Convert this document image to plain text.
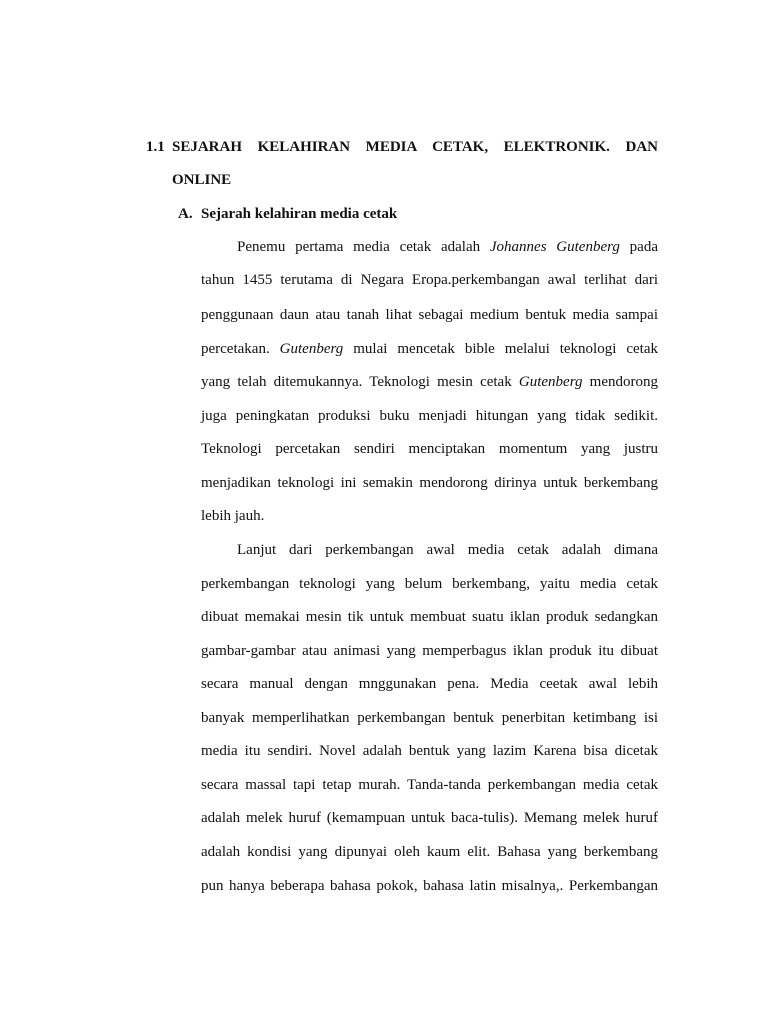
1.1 SEJARAH KELAHIRAN MEDIA CETAK, ELEKTRONIK. DAN
ONLINE
A. Sejarah kelahiran media cetak
Penemu pertama media cetak adalah Johannes Gutenberg pada
tahun 1455 terutama di Negara Eropa.perkembangan awal terlihat dari
penggunaan daun atau tanah lihat sebagai medium bentuk media sampai
percetakan. Gutenberg mulai mencetak bible melalui teknologi cetak
yang telah ditemukannya. Teknologi mesin cetak Gutenberg mendorong
juga peningkatan produksi buku menjadi hitungan yang tidak sedikit.
Teknologi percetakan sendiri menciptakan momentum yang justru
menjadikan teknologi ini semakin mendorong dirinya untuk berkembang
lebih jauh.
Lanjut dari perkembangan awal media cetak adalah dimana
perkembangan teknologi yang belum berkembang, yaitu media cetak
dibuat memakai mesin tik untuk membuat suatu iklan produk sedangkan
gambar-gambar atau animasi yang memperbagus iklan produk itu dibuat
secara manual dengan mnggunakan pena. Media ceetak awal lebih
banyak memperlihatkan perkembangan bentuk penerbitan ketimbang isi
media itu sendiri. Novel adalah bentuk yang lazim Karena bisa dicetak
secara massal tapi tetap murah. Tanda-tanda perkembangan media cetak
adalah melek huruf (kemampuan untuk baca-tulis). Memang melek huruf
adalah kondisi yang dipunyai oleh kaum elit. Bahasa yang berkembang
pun hanya beberapa bahasa pokok, bahasa latin misalnya,. Perkembangan
